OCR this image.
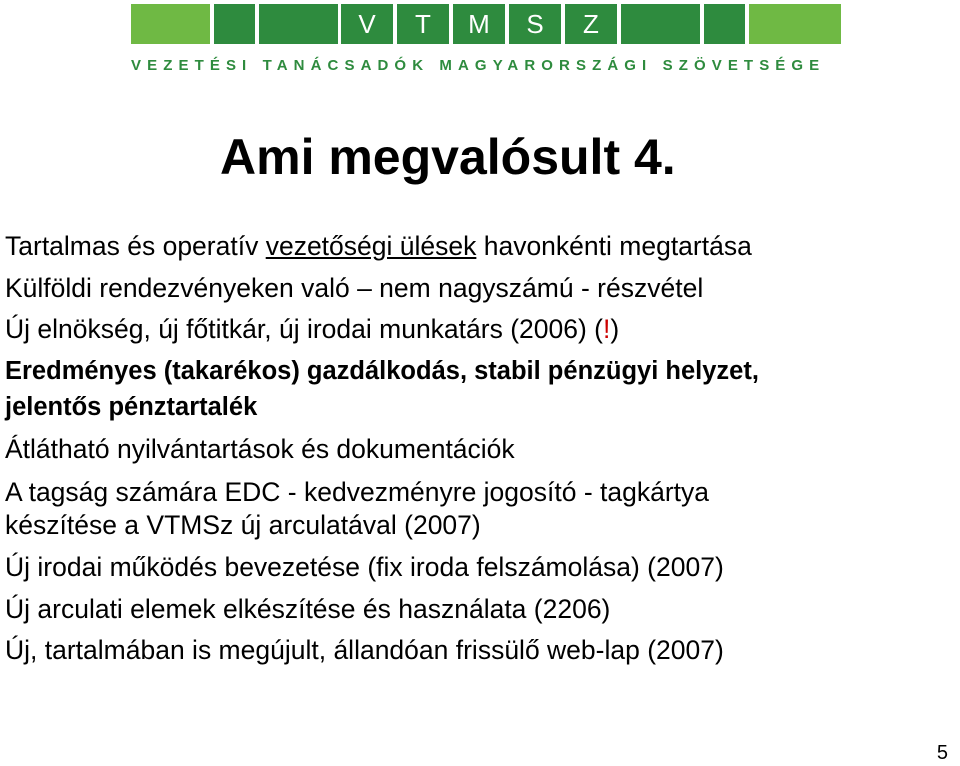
V	T	M	S	Z
VEZETÉSI TANÁCSADÓK MAGYARORSZÁGI SZÖVETSÉGE
Ami megvalósult 4.
Tartalmas és operatív vezetőségi ülések havonkénti megtartása
Külföldi rendezvényeken való – nem nagyszámú - részvétel
Új elnökség, új főtitkár, új irodai munkatárs (2006) (!)
Eredményes (takarékos) gazdálkodás, stabil pénzügyi helyzet,
jelentős pénztartalék
Átlátható nyilvántartások és dokumentációk
A tagság számára EDC - kedvezményre jogosító - tagkártya
készítése a VTMSz új arculatával (2007)
Új irodai működés bevezetése (fix iroda felszámolása) (2007)
Új arculati elemek elkészítése és használata (2206)
Új, tartalmában is megújult, állandóan frissülő web-lap (2007)
5
